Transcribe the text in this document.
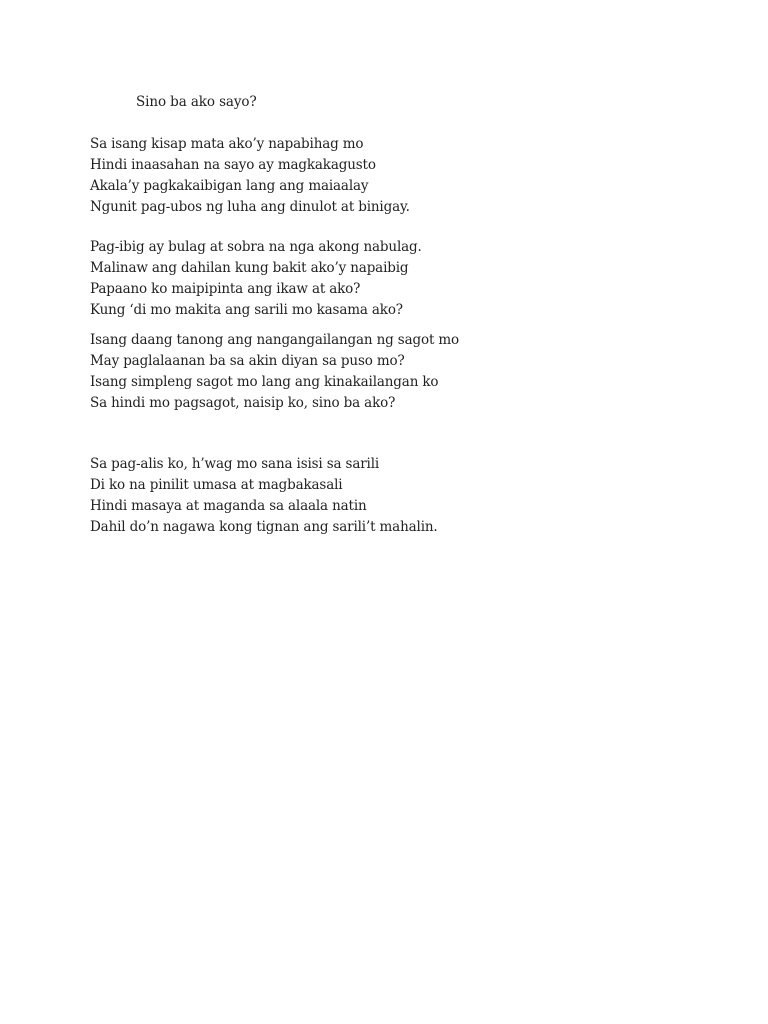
Sino ba ako sayo?
Sa isang kisap mata ako’y napabihag mo
Hindi inaasahan na sayo ay magkakagusto
Akala’y pagkakaibigan lang ang maiaalay
Ngunit pag-ubos ng luha ang dinulot at binigay.
Pag-ibig ay bulag at sobra na nga akong nabulag.
Malinaw ang dahilan kung bakit ako’y napaibig
Papaano ko maipipinta ang ikaw at ako?
Kung ‘di mo makita ang sarili mo kasama ako?
Isang daang tanong ang nangangailangan ng sagot mo
May paglalaanan ba sa akin diyan sa puso mo?
Isang simpleng sagot mo lang ang kinakailangan ko
Sa hindi mo pagsagot, naisip ko, sino ba ako?
Sa pag-alis ko, h’wag mo sana isisi sa sarili
Di ko na pinilit umasa at magbakasali
Hindi masaya at maganda sa alaala natin
Dahil do’n nagawa kong tignan ang sarili’t mahalin.
